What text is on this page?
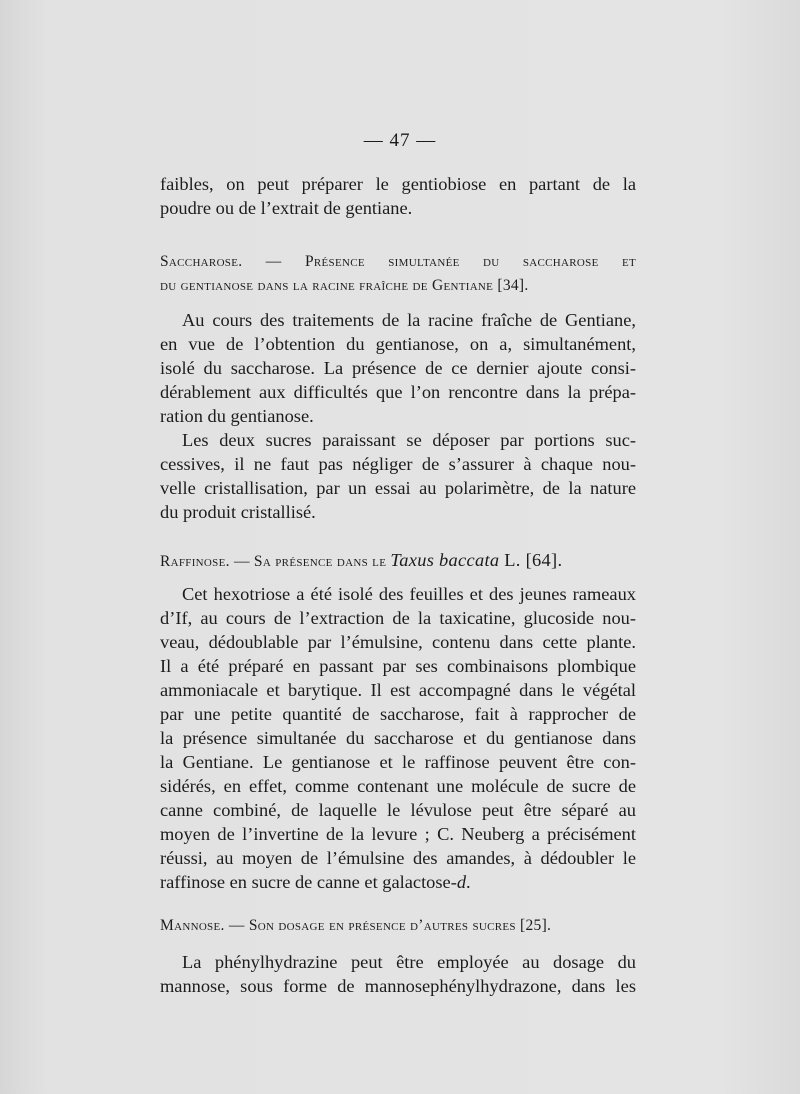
— 47 —
faibles, on peut préparer le gentiobiose en partant de la
poudre ou de l’extrait de gentiane.
Saccharose. — Présence simultanée du saccharose et
du gentianose dans la racine fraîche de Gentiane [34].
Au cours des traitements de la racine fraîche de Gentiane,
en vue de l’obtention du gentianose, on a, simultanément,
isolé du saccharose. La présence de ce dernier ajoute consi-
dérablement aux difficultés que l’on rencontre dans la prépa-
ration du gentianose.
Les deux sucres paraissant se déposer par portions suc-
cessives, il ne faut pas négliger de s’assurer à chaque nou-
velle cristallisation, par un essai au polarimètre, de la nature
du produit cristallisé.
Raffinose. — Sa présence dans le Taxus baccata L. [64].
Cet hexotriose a été isolé des feuilles et des jeunes rameaux
d’If, au cours de l’extraction de la taxicatine, glucoside nou-
veau, dédoublable par l’émulsine, contenu dans cette plante.
Il a été préparé en passant par ses combinaisons plombique
ammoniacale et barytique. Il est accompagné dans le végétal
par une petite quantité de saccharose, fait à rapprocher de
la présence simultanée du saccharose et du gentianose dans
la Gentiane. Le gentianose et le raffinose peuvent être con-
sidérés, en effet, comme contenant une molécule de sucre de
canne combiné, de laquelle le lévulose peut être séparé au
moyen de l’invertine de la levure ; C. Neuberg a précisément
réussi, au moyen de l’émulsine des amandes, à dédoubler le
raffinose en sucre de canne et galactose-d.
Mannose. — Son dosage en présence d’autres sucres [25].
La phénylhydrazine peut être employée au dosage du
mannose, sous forme de mannosephénylhydrazone, dans les
